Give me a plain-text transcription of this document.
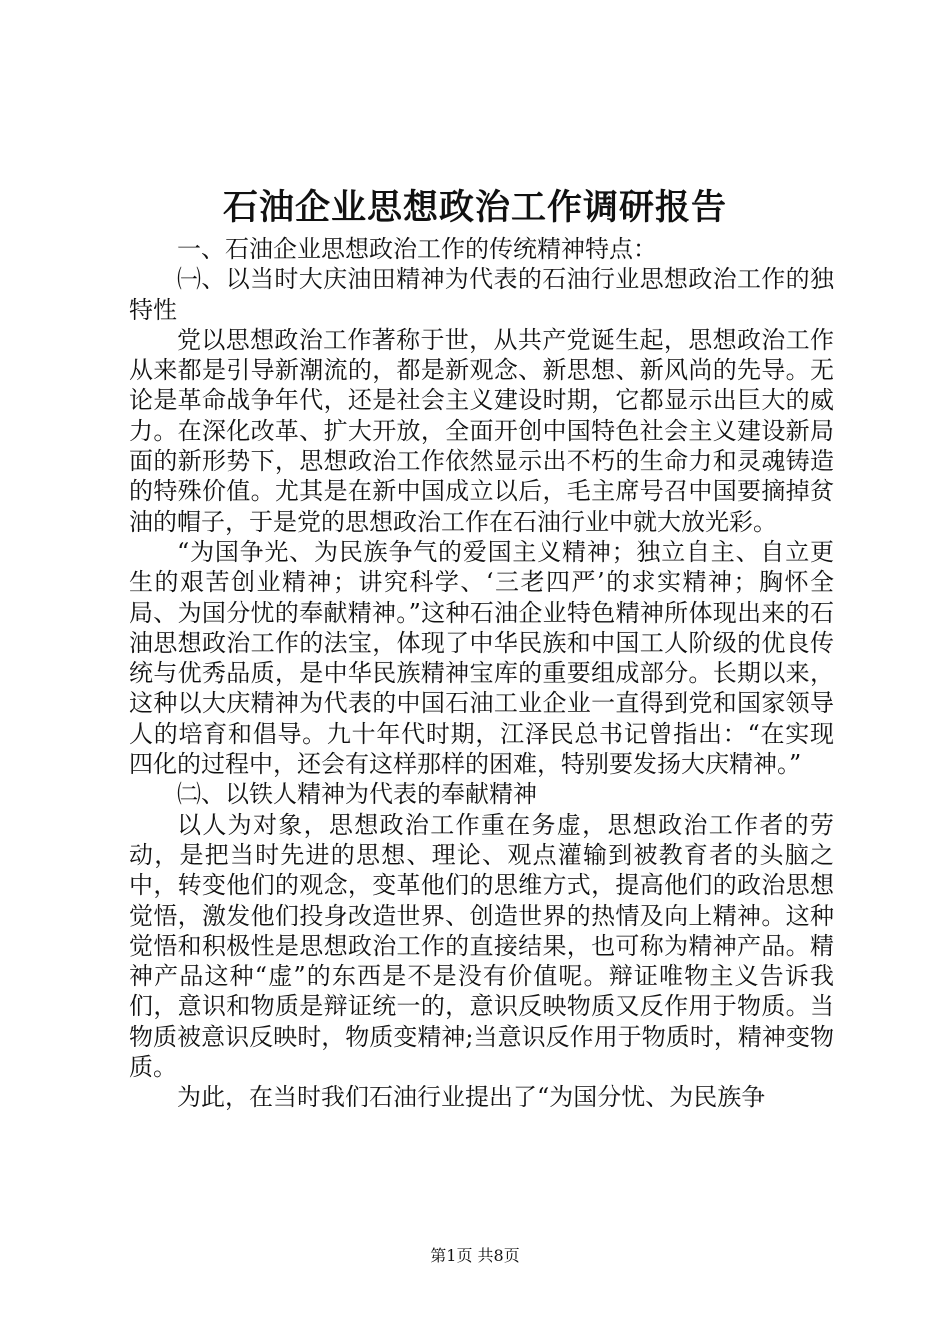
石油企业思想政治工作调研报告

一、石油企业思想政治工作的传统精神特点：

㈠、以当时大庆油田精神为代表的石油行业思想政治工作的独特性

党以思想政治工作著称于世，从共产党诞生起，思想政治工作从来都是引导新潮流的，都是新观念、新思想、新风尚的先导。无论是革命战争年代，还是社会主义建设时期，它都显示出巨大的威力。在深化改革、扩大开放，全面开创中国特色社会主义建设新局面的新形势下，思想政治工作依然显示出不朽的生命力和灵魂铸造的特殊价值。尤其是在新中国成立以后，毛主席号召中国要摘掉贫油的帽子，于是党的思想政治工作在石油行业中就大放光彩。

“为国争光、为民族争气的爱国主义精神；独立自主、自立更生的艰苦创业精神；讲究科学、‘三老四严’的求实精神；胸怀全局、为国分忧的奉献精神。”这种石油企业特色精神所体现出来的石油思想政治工作的法宝，体现了中华民族和中国工人阶级的优良传统与优秀品质，是中华民族精神宝库的重要组成部分。长期以来，这种以大庆精神为代表的中国石油工业企业一直得到党和国家领导人的培育和倡导。九十年代时期，江泽民总书记曾指出：“在实现四化的过程中，还会有这样那样的困难，特别要发扬大庆精神。”

㈡、以铁人精神为代表的奉献精神

以人为对象，思想政治工作重在务虚，思想政治工作者的劳动，是把当时先进的思想、理论、观点灌输到被教育者的头脑之中，转变他们的观念，变革他们的思维方式，提高他们的政治思想觉悟，激发他们投身改造世界、创造世界的热情及向上精神。这种觉悟和积极性是思想政治工作的直接结果，也可称为精神产品。精神产品这种“虚”的东西是不是没有价值呢。辩证唯物主义告诉我们，意识和物质是辩证统一的，意识反映物质又反作用于物质。当物质被意识反映时，物质变精神;当意识反作用于物质时，精神变物质。

为此，在当时我们石油行业提出了“为国分忧、为民族争

第1页 共8页
